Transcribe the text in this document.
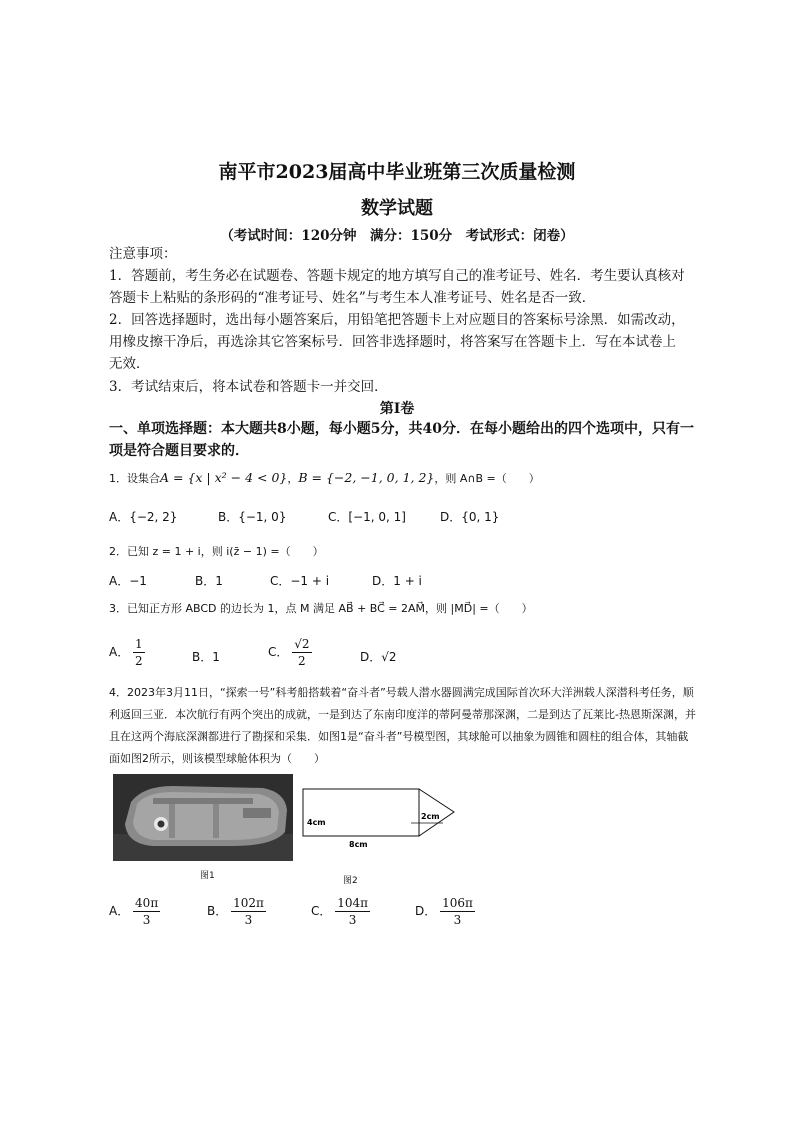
南平市2023届高中毕业班第三次质量检测
数学试题
（考试时间：120分钟　满分：150分　考试形式：闭卷）
注意事项：
1．答题前，考生务必在试题卷、答题卡规定的地方填写自己的准考证号、姓名．考生要认真核对答题卡上粘贴的条形码的“准考证号、姓名”与考生本人准考证号、姓名是否一致．
2．回答选择题时，选出每小题答案后，用铅笔把答题卡上对应题目的答案标号涂黑．如需改动，用橡皮擦干净后，再选涂其它答案标号．回答非选择题时，将答案写在答题卡上．写在本试卷上无效．
3．考试结束后，将本试卷和答题卡一并交回．
第Ⅰ卷
一、单项选择题：本大题共8小题，每小题5分，共40分．在每小题给出的四个选项中，只有一项是符合题目要求的．
1．设集合A = {x | x² − 4 < 0}，B = {−2, −1, 0, 1, 2}，则 A∩B =（　　）
A．{−2, 2}	B．{−1, 0}	C．[−1, 0, 1]	D．{0, 1}
2．已知 z = 1 + i，则 i(z̄ − 1) =（　　）
A．−1	B．1	C．−1 + i	D．1 + i
3．已知正方形 ABCD 的边长为 1，点 M 满足 AB⃗ + BC⃗ = 2AM⃗，则 |MD⃗| =（　　）
A． $\frac{1}{2}$	B．1	C． $\frac{√2}{2}$	D．√2
4．2023年3月11日，“探索一号”科考船搭载着“奋斗者”号载人潜水器圆满完成国际首次环大洋洲载人深潜科考任务，顺利返回三亚．本次航行有两个突出的成就，一是到达了东南印度洋的蒂阿曼蒂那深渊，二是到达了瓦莱比-热恩斯深渊，并且在这两个海底深渊都进行了勘探和采集．如图1是“奋斗者”号模型图，其球舱可以抽象为圆锥和圆柱的组合体，其轴截面如图2所示，则该模型球舱体积为（　　）
图1
2cm
4cm
8cm
图2
A． $\frac{40\pi}{3}$	B． $\frac{102\pi}{3}$	C． $\frac{104\pi}{3}$	D． $\frac{106\pi}{3}$
